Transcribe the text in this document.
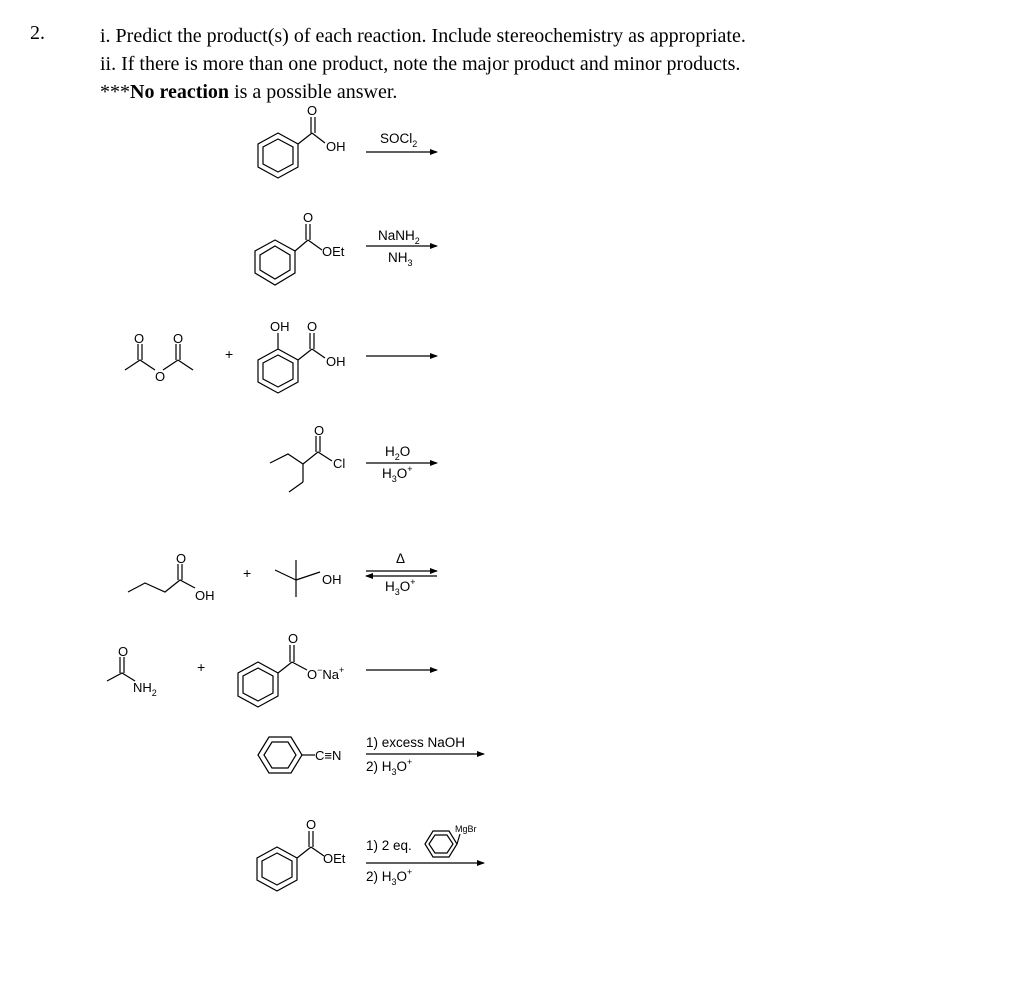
2.	i. Predict the product(s) of each reaction. Include stereochemistry as appropriate.
ii. If there is more than one product, note the major product and minor products.
***No reaction is a possible answer.
O
OH
SOCl$_2$
O
OEt
NaNH$_2$
$NH_3$
O O
O
+
OH O
OH
O
Cl
$H_2O$
$H_3O^+$
O
OH
+	OH
Δ
$H_3O^+$
O
$NH_2$
+
O
O−Na+
C≡N
1) excess NaOH
2) $H_3O^+$
O
OEt
1) 2 eq.
MgBr
2) $H_3O^+$
